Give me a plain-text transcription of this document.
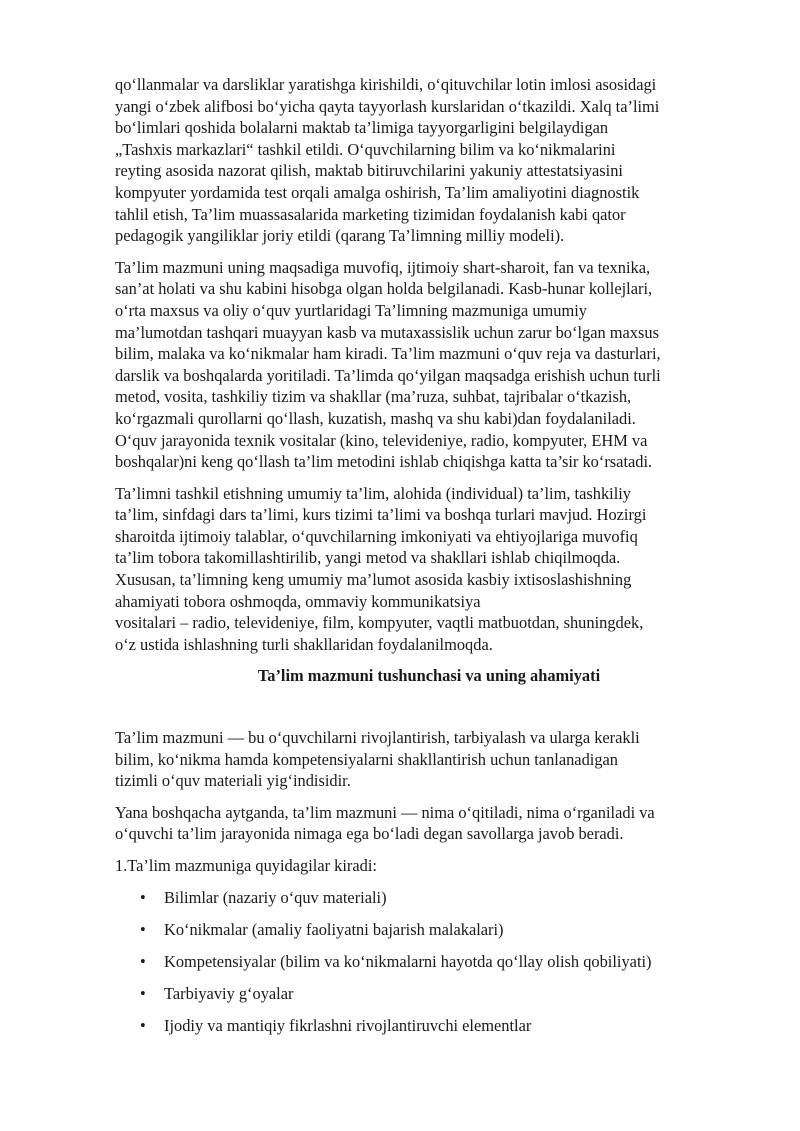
qo‘llanmalar va darsliklar yaratishga kirishildi, o‘qituvchilar lotin imlosi asosidagi
yangi o‘zbek alifbosi bo‘yicha qayta tayyorlash kurslaridan o‘tkazildi. Xalq ta’limi
bo‘limlari qoshida bolalarni maktab ta’limiga tayyorgarligini belgilaydigan
„Tashxis markazlari“ tashkil etildi. O‘quvchilarning bilim va ko‘nikmalarini
reyting asosida nazorat qilish, maktab bitiruvchilarini yakuniy attestatsiyasini
kompyuter yordamida test orqali amalga oshirish, Ta’lim amaliyotini diagnostik
tahlil etish, Ta’lim muassasalarida marketing tizimidan foydalanish kabi qator
pedagogik yangiliklar joriy etildi (qarang Ta’limning milliy modeli).

Ta’lim mazmuni uning maqsadiga muvofiq, ijtimoiy shart-sharoit, fan va texnika,
san’at holati va shu kabini hisobga olgan holda belgilanadi. Kasb-hunar kollejlari,
o‘rta maxsus va oliy o‘quv yurtlaridagi Ta’limning mazmuniga umumiy
ma’lumotdan tashqari muayyan kasb va mutaxassislik uchun zarur bo‘lgan maxsus
bilim, malaka va ko‘nikmalar ham kiradi. Ta’lim mazmuni o‘quv reja va dasturlari,
darslik va boshqalarda yoritiladi. Ta’limda qo‘yilgan maqsadga erishish uchun turli
metod, vosita, tashkiliy tizim va shakllar (ma’ruza, suhbat, tajribalar o‘tkazish,
ko‘rgazmali qurollarni qo‘llash, kuzatish, mashq va shu kabi)dan foydalaniladi.
O‘quv jarayonida texnik vositalar (kino, televideniye, radio, kompyuter, EHM va
boshqalar)ni keng qo‘llash ta’lim metodini ishlab chiqishga katta ta’sir ko‘rsatadi.

Ta’limni tashkil etishning umumiy ta’lim, alohida (individual) ta’lim, tashkiliy
ta’lim, sinfdagi dars ta’limi, kurs tizimi ta’limi va boshqa turlari mavjud. Hozirgi
sharoitda ijtimoiy talablar, o‘quvchilarning imkoniyati va ehtiyojlariga muvofiq
ta’lim tobora takomillashtirilib, yangi metod va shakllari ishlab chiqilmoqda.
Xususan, ta’limning keng umumiy ma’lumot asosida kasbiy ixtisoslashishning
ahamiyati tobora oshmoqda, ommaviy kommunikatsiya
vositalari – radio, televideniye, film, kompyuter, vaqtli matbuotdan, shuningdek,
o‘z ustida ishlashning turli shakllaridan foydalanilmoqda.

Ta’lim mazmuni tushunchasi va uning ahamiyati

Ta’lim mazmuni — bu o‘quvchilarni rivojlantirish, tarbiyalash va ularga kerakli
bilim, ko‘nikma hamda kompetensiyalarni shakllantirish uchun tanlanadigan
tizimli o‘quv materiali yig‘indisidir.

Yana boshqacha aytganda, ta’lim mazmuni — nima o‘qitiladi, nima o‘rganiladi va
o‘quvchi ta’lim jarayonida nimaga ega bo‘ladi degan savollarga javob beradi.

1.Ta’lim mazmuniga quyidagilar kiradi:

• Bilimlar (nazariy o‘quv materiali)
• Ko‘nikmalar (amaliy faoliyatni bajarish malakalari)
• Kompetensiyalar (bilim va ko‘nikmalarni hayotda qo‘llay olish qobiliyati)
• Tarbiyaviy g‘oyalar
• Ijodiy va mantiqiy fikrlashni rivojlantiruvchi elementlar
